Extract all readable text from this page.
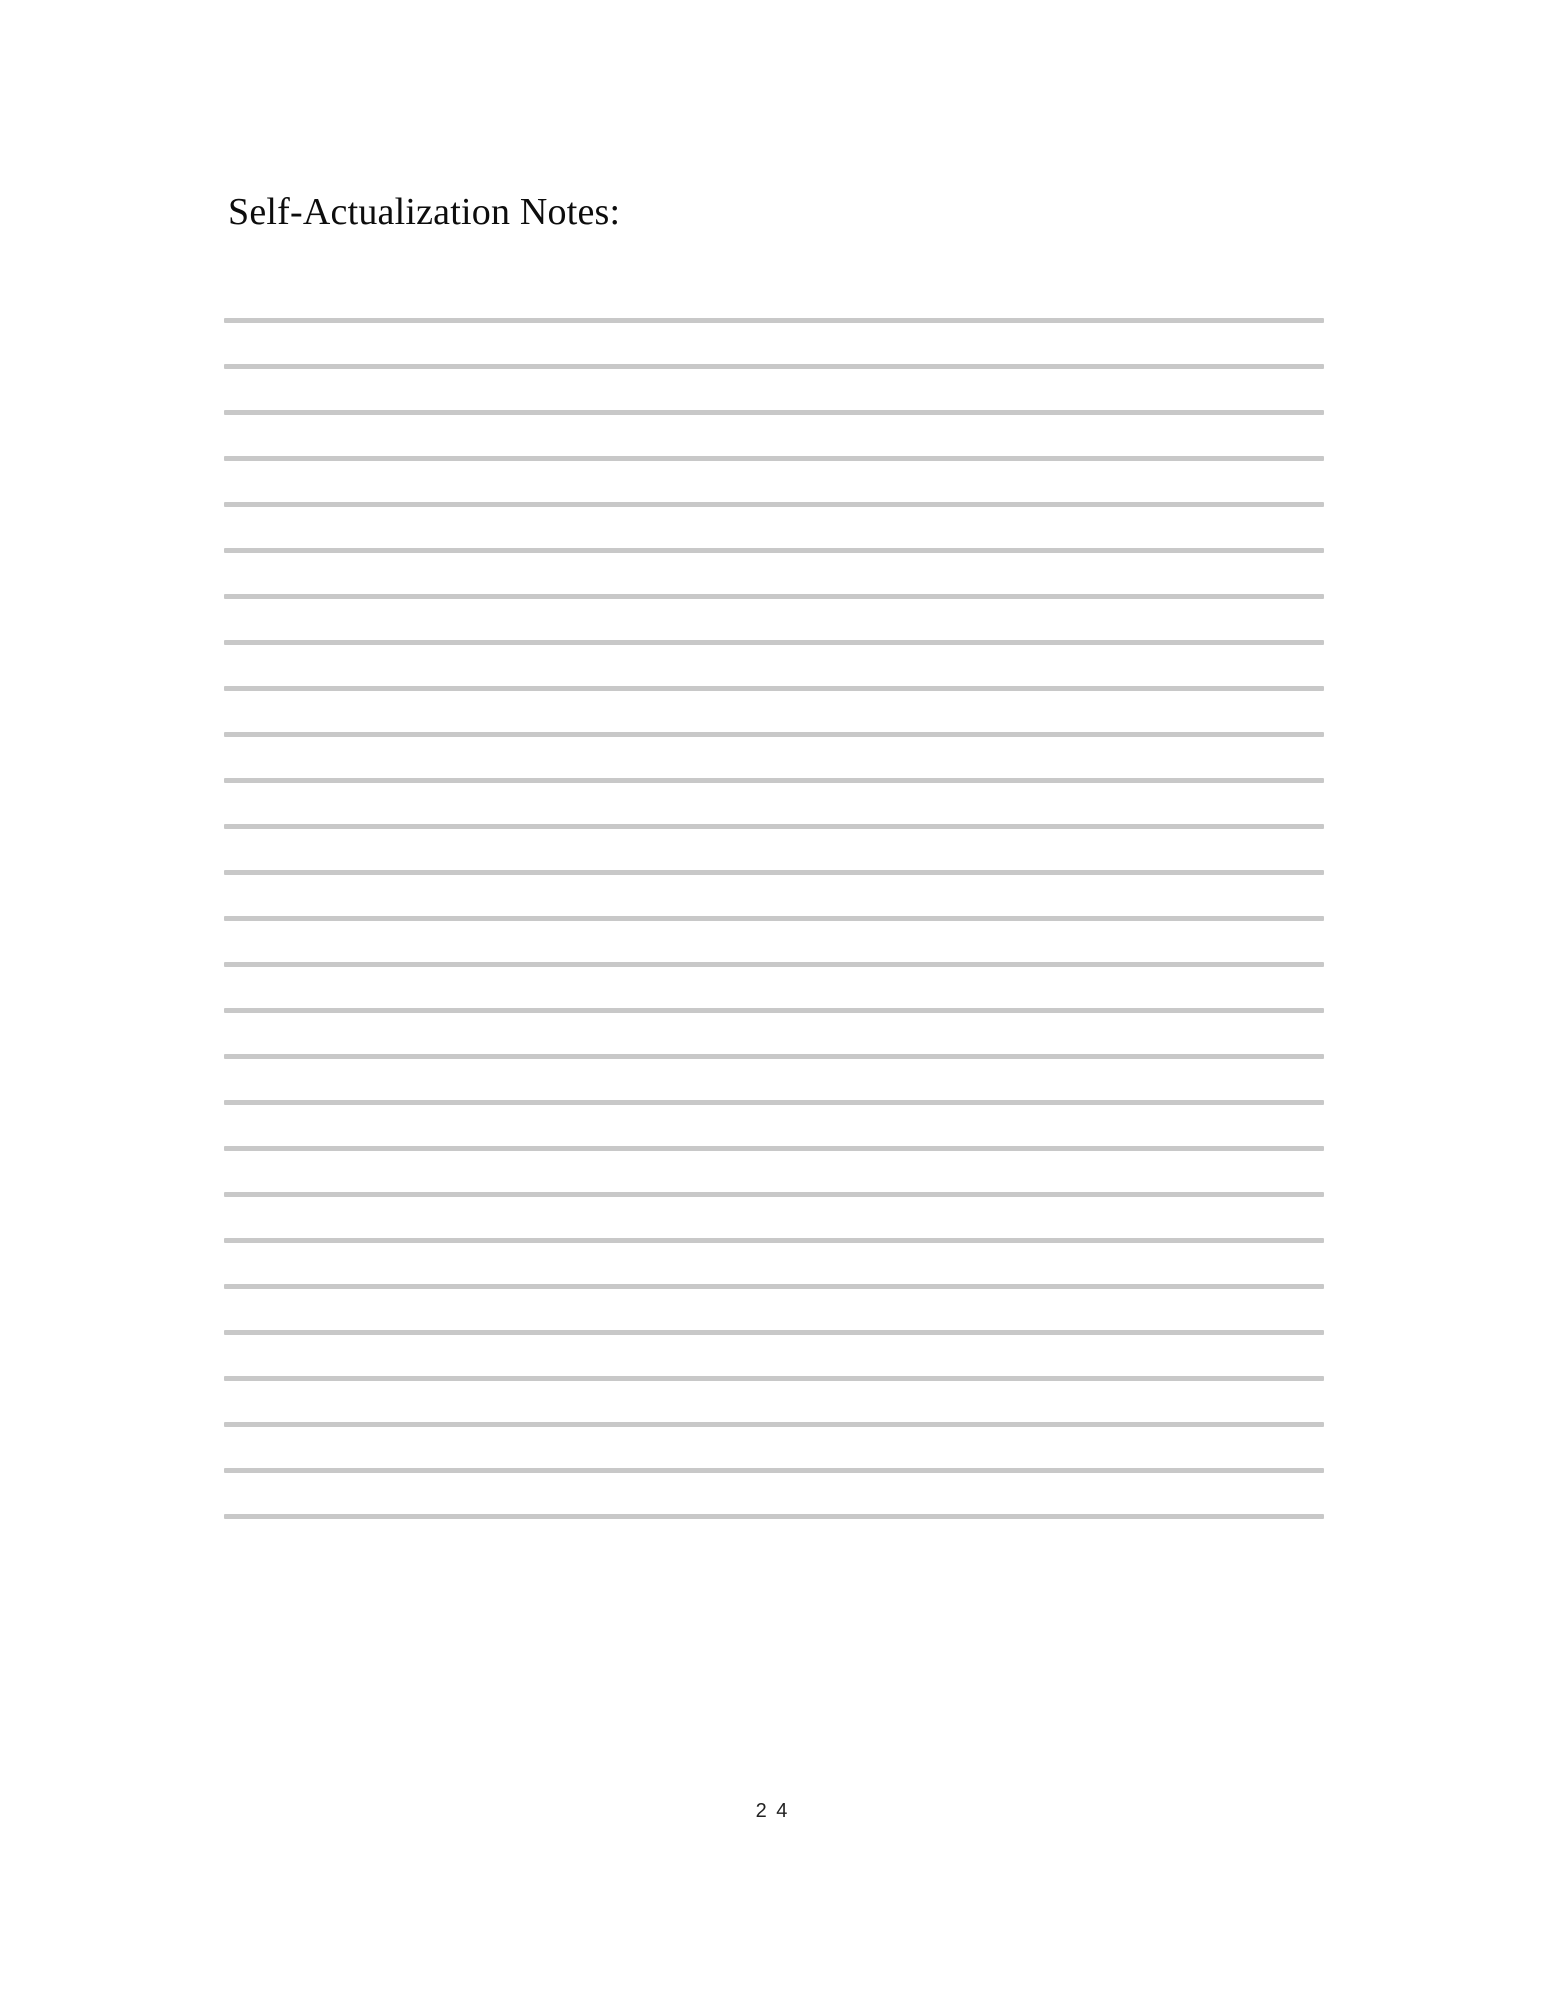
Self-Actualization Notes:
2 4
